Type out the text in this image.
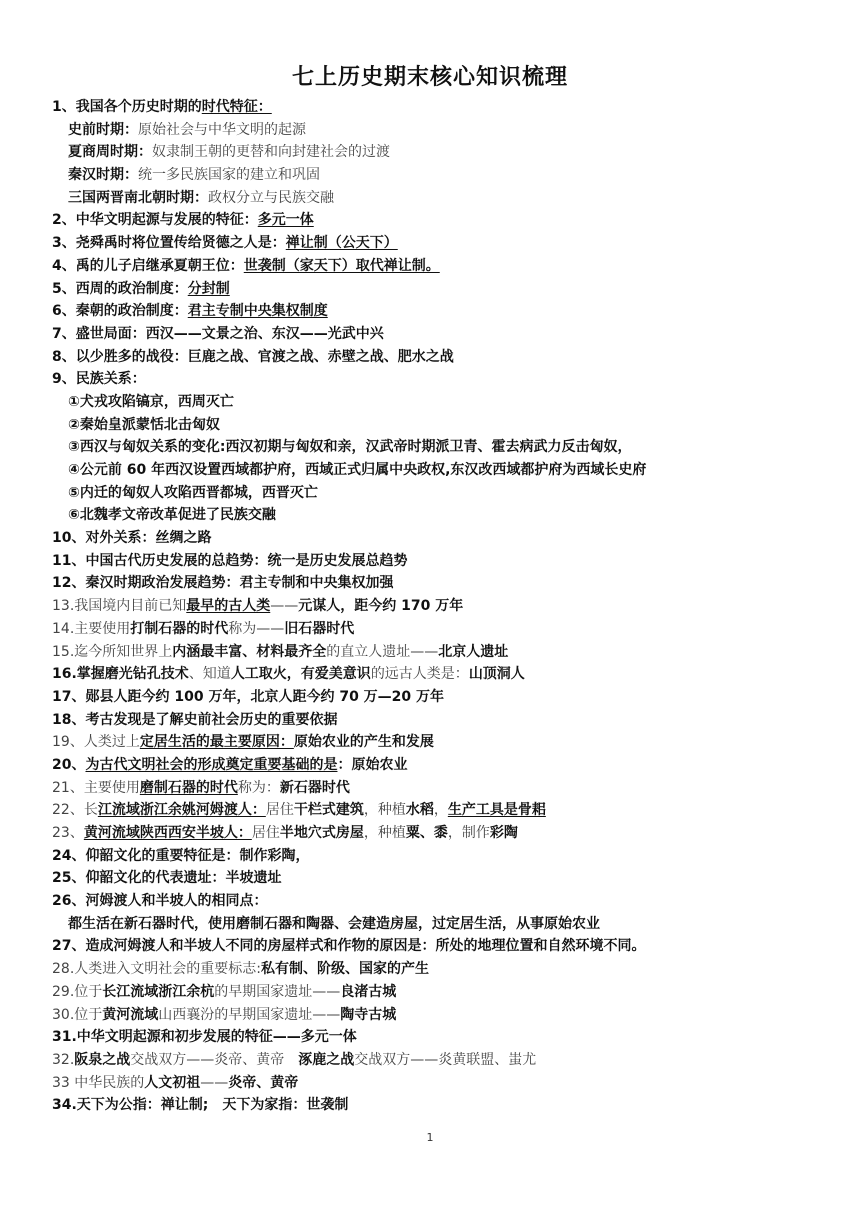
七上历史期末核心知识梳理
1、我国各个历史时期的时代特征：
史前时期：原始社会与中华文明的起源
夏商周时期：奴隶制王朝的更替和向封建社会的过渡
秦汉时期：统一多民族国家的建立和巩固
三国两晋南北朝时期：政权分立与民族交融
2、中华文明起源与发展的特征：多元一体
3、尧舜禹时将位置传给贤德之人是：禅让制（公天下）
4、禹的儿子启继承夏朝王位：世袭制（家天下）取代禅让制。
5、西周的政治制度：分封制
6、秦朝的政治制度：君主专制中央集权制度
7、盛世局面：西汉——文景之治、东汉——光武中兴
8、以少胜多的战役：巨鹿之战、官渡之战、赤壁之战、肥水之战
9、民族关系：
①犬戎攻陷镐京，西周灭亡
②秦始皇派蒙恬北击匈奴
③西汉与匈奴关系的变化:西汉初期与匈奴和亲，汉武帝时期派卫青、霍去病武力反击匈奴，
④公元前 60 年西汉设置西域都护府，西域正式归属中央政权,东汉改西域都护府为西域长史府
⑤内迁的匈奴人攻陷西晋都城，西晋灭亡
⑥北魏孝文帝改革促进了民族交融
10、对外关系：丝绸之路
11、中国古代历史发展的总趋势：统一是历史发展总趋势
12、秦汉时期政治发展趋势：君主专制和中央集权加强
13.我国境内目前已知最早的古人类——元谋人，距今约 170 万年
14.主要使用打制石器的时代称为——旧石器时代
15.迄今所知世界上内涵最丰富、材料最齐全的直立人遗址——北京人遗址
16.掌握磨光钻孔技术、知道人工取火，有爱美意识的远古人类是：山顶洞人
17、郧县人距今约 100 万年，北京人距今约 70 万—20 万年
18、考古发现是了解史前社会历史的重要依据
19、人类过上定居生活的最主要原因：原始农业的产生和发展
20、为古代文明社会的形成奠定重要基础的是：原始农业
21、主要使用磨制石器的时代称为：新石器时代
22、长江流域浙江余姚河姆渡人：居住干栏式建筑，种植水稻，生产工具是骨耜
23、黄河流域陕西西安半坡人：居住半地穴式房屋，种植粟、黍，制作彩陶
24、仰韶文化的重要特征是：制作彩陶，
25、仰韶文化的代表遗址：半坡遗址
26、河姆渡人和半坡人的相同点：
都生活在新石器时代，使用磨制石器和陶器、会建造房屋，过定居生活，从事原始农业
27、造成河姆渡人和半坡人不同的房屋样式和作物的原因是：所处的地理位置和自然环境不同。
28.人类进入文明社会的重要标志:私有制、阶级、国家的产生
29.位于长江流域浙江余杭的早期国家遗址——良渚古城
30.位于黄河流域山西襄汾的早期国家遗址——陶寺古城
31.中华文明起源和初步发展的特征——多元一体
32.阪泉之战交战双方——炎帝、黄帝　涿鹿之战交战双方——炎黄联盟、蚩尤
33 中华民族的人文初祖——炎帝、黄帝
34.天下为公指：禅让制;　天下为家指：世袭制
1
